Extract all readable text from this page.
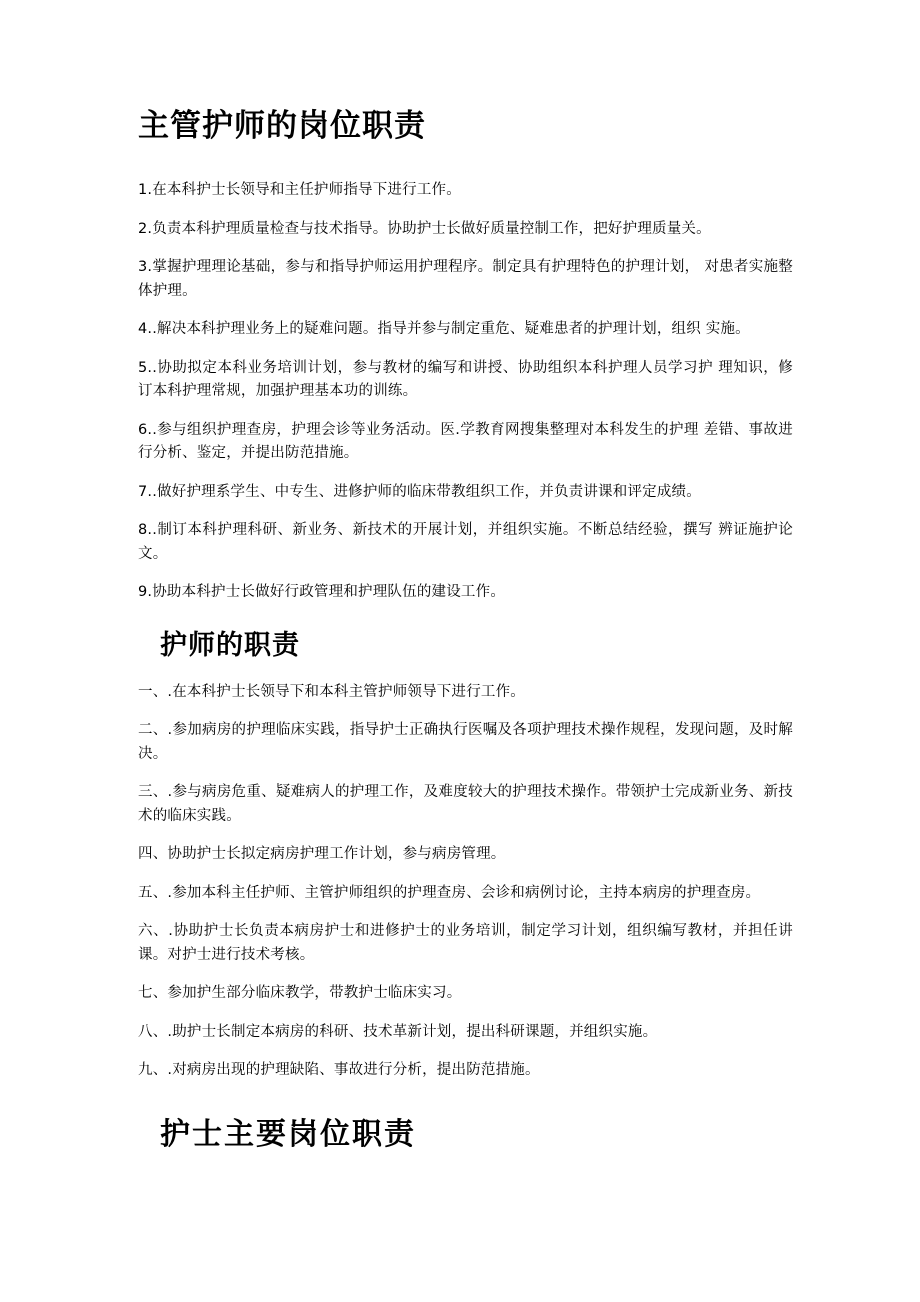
主管护师的岗位职责

1.在本科护士长领导和主任护师指导下进行工作。

2.负责本科护理质量检查与技术指导。协助护士长做好质量控制工作，把好护理质量关。

3.掌握护理理论基础，参与和指导护师运用护理程序。制定具有护理特色的护理计划， 对患者实施整体护理。

4..解决本科护理业务上的疑难问题。指导并参与制定重危、疑难患者的护理计划，组织 实施。

5..协助拟定本科业务培训计划，参与教材的编写和讲授、协助组织本科护理人员学习护 理知识，修订本科护理常规，加强护理基本功的训练。

6..参与组织护理查房，护理会诊等业务活动。医.学教育网搜集整理对本科发生的护理 差错、事故进行分析、鉴定，并提出防范措施。

7..做好护理系学生、中专生、进修护师的临床带教组织工作，并负责讲课和评定成绩。

8..制订本科护理科研、新业务、新技术的开展计划，并组织实施。不断总结经验，撰写 辨证施护论文。

9.协助本科护士长做好行政管理和护理队伍的建设工作。

护师的职责

一、.在本科护士长领导下和本科主管护师领导下进行工作。

二、.参加病房的护理临床实践，指导护士正确执行医嘱及各项护理技术操作规程，发现问题，及时解决。

三、.参与病房危重、疑难病人的护理工作，及难度较大的护理技术操作。带领护士完成新业务、新技术的临床实践。

四、协助护士长拟定病房护理工作计划，参与病房管理。

五、.参加本科主任护师、主管护师组织的护理查房、会诊和病例讨论，主持本病房的护理查房。

六、.协助护士长负责本病房护士和进修护士的业务培训，制定学习计划，组织编写教材，并担任讲课。对护士进行技术考核。

七、参加护生部分临床教学，带教护士临床实习。

八、.助护士长制定本病房的科研、技术革新计划，提出科研课题，并组织实施。

九、.对病房出现的护理缺陷、事故进行分析，提出防范措施。

护士主要岗位职责
